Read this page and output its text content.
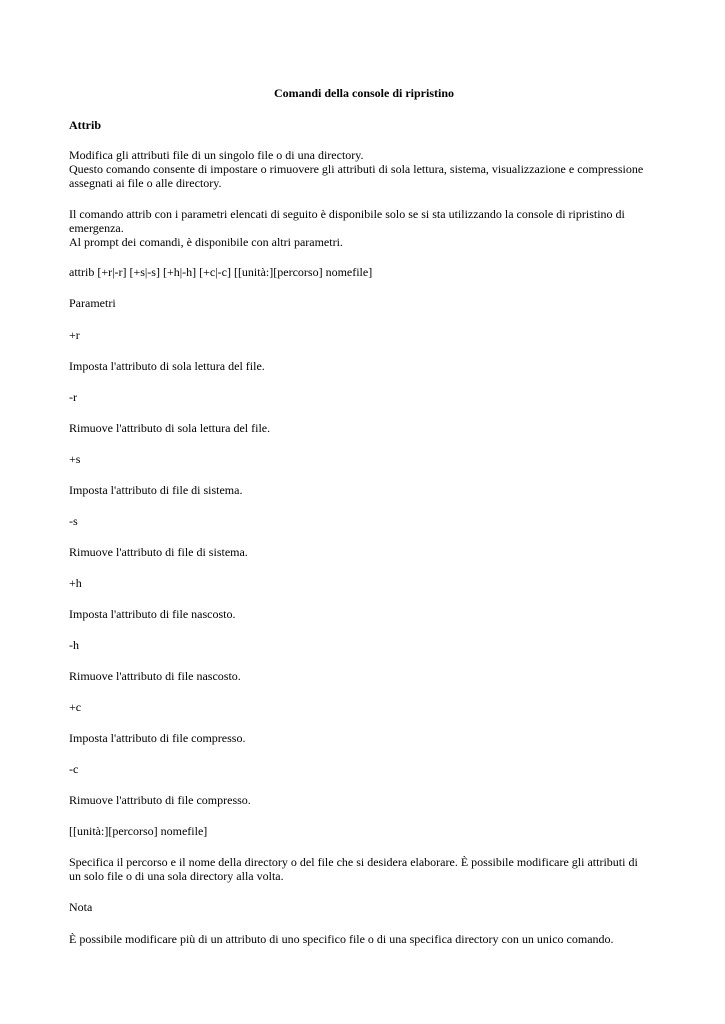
Comandi della console di ripristino
Attrib
Modifica gli attributi file di un singolo file o di una directory.
Questo comando consente di impostare o rimuovere gli attributi di sola lettura, sistema, visualizzazione e compressione
assegnati ai file o alle directory.
Il comando attrib con i parametri elencati di seguito è disponibile solo se si sta utilizzando la console di ripristino di
emergenza.
Al prompt dei comandi, è disponibile con altri parametri.
attrib [+r|-r] [+s|-s] [+h|-h] [+c|-c] [[unità:][percorso] nomefile]
Parametri
+r
Imposta l'attributo di sola lettura del file.
-r
Rimuove l'attributo di sola lettura del file.
+s
Imposta l'attributo di file di sistema.
-s
Rimuove l'attributo di file di sistema.
+h
Imposta l'attributo di file nascosto.
-h
Rimuove l'attributo di file nascosto.
+c
Imposta l'attributo di file compresso.
-c
Rimuove l'attributo di file compresso.
[[unità:][percorso] nomefile]
Specifica il percorso e il nome della directory o del file che si desidera elaborare. È possibile modificare gli attributi di
un solo file o di una sola directory alla volta.
Nota
È possibile modificare più di un attributo di uno specifico file o di una specifica directory con un unico comando.
